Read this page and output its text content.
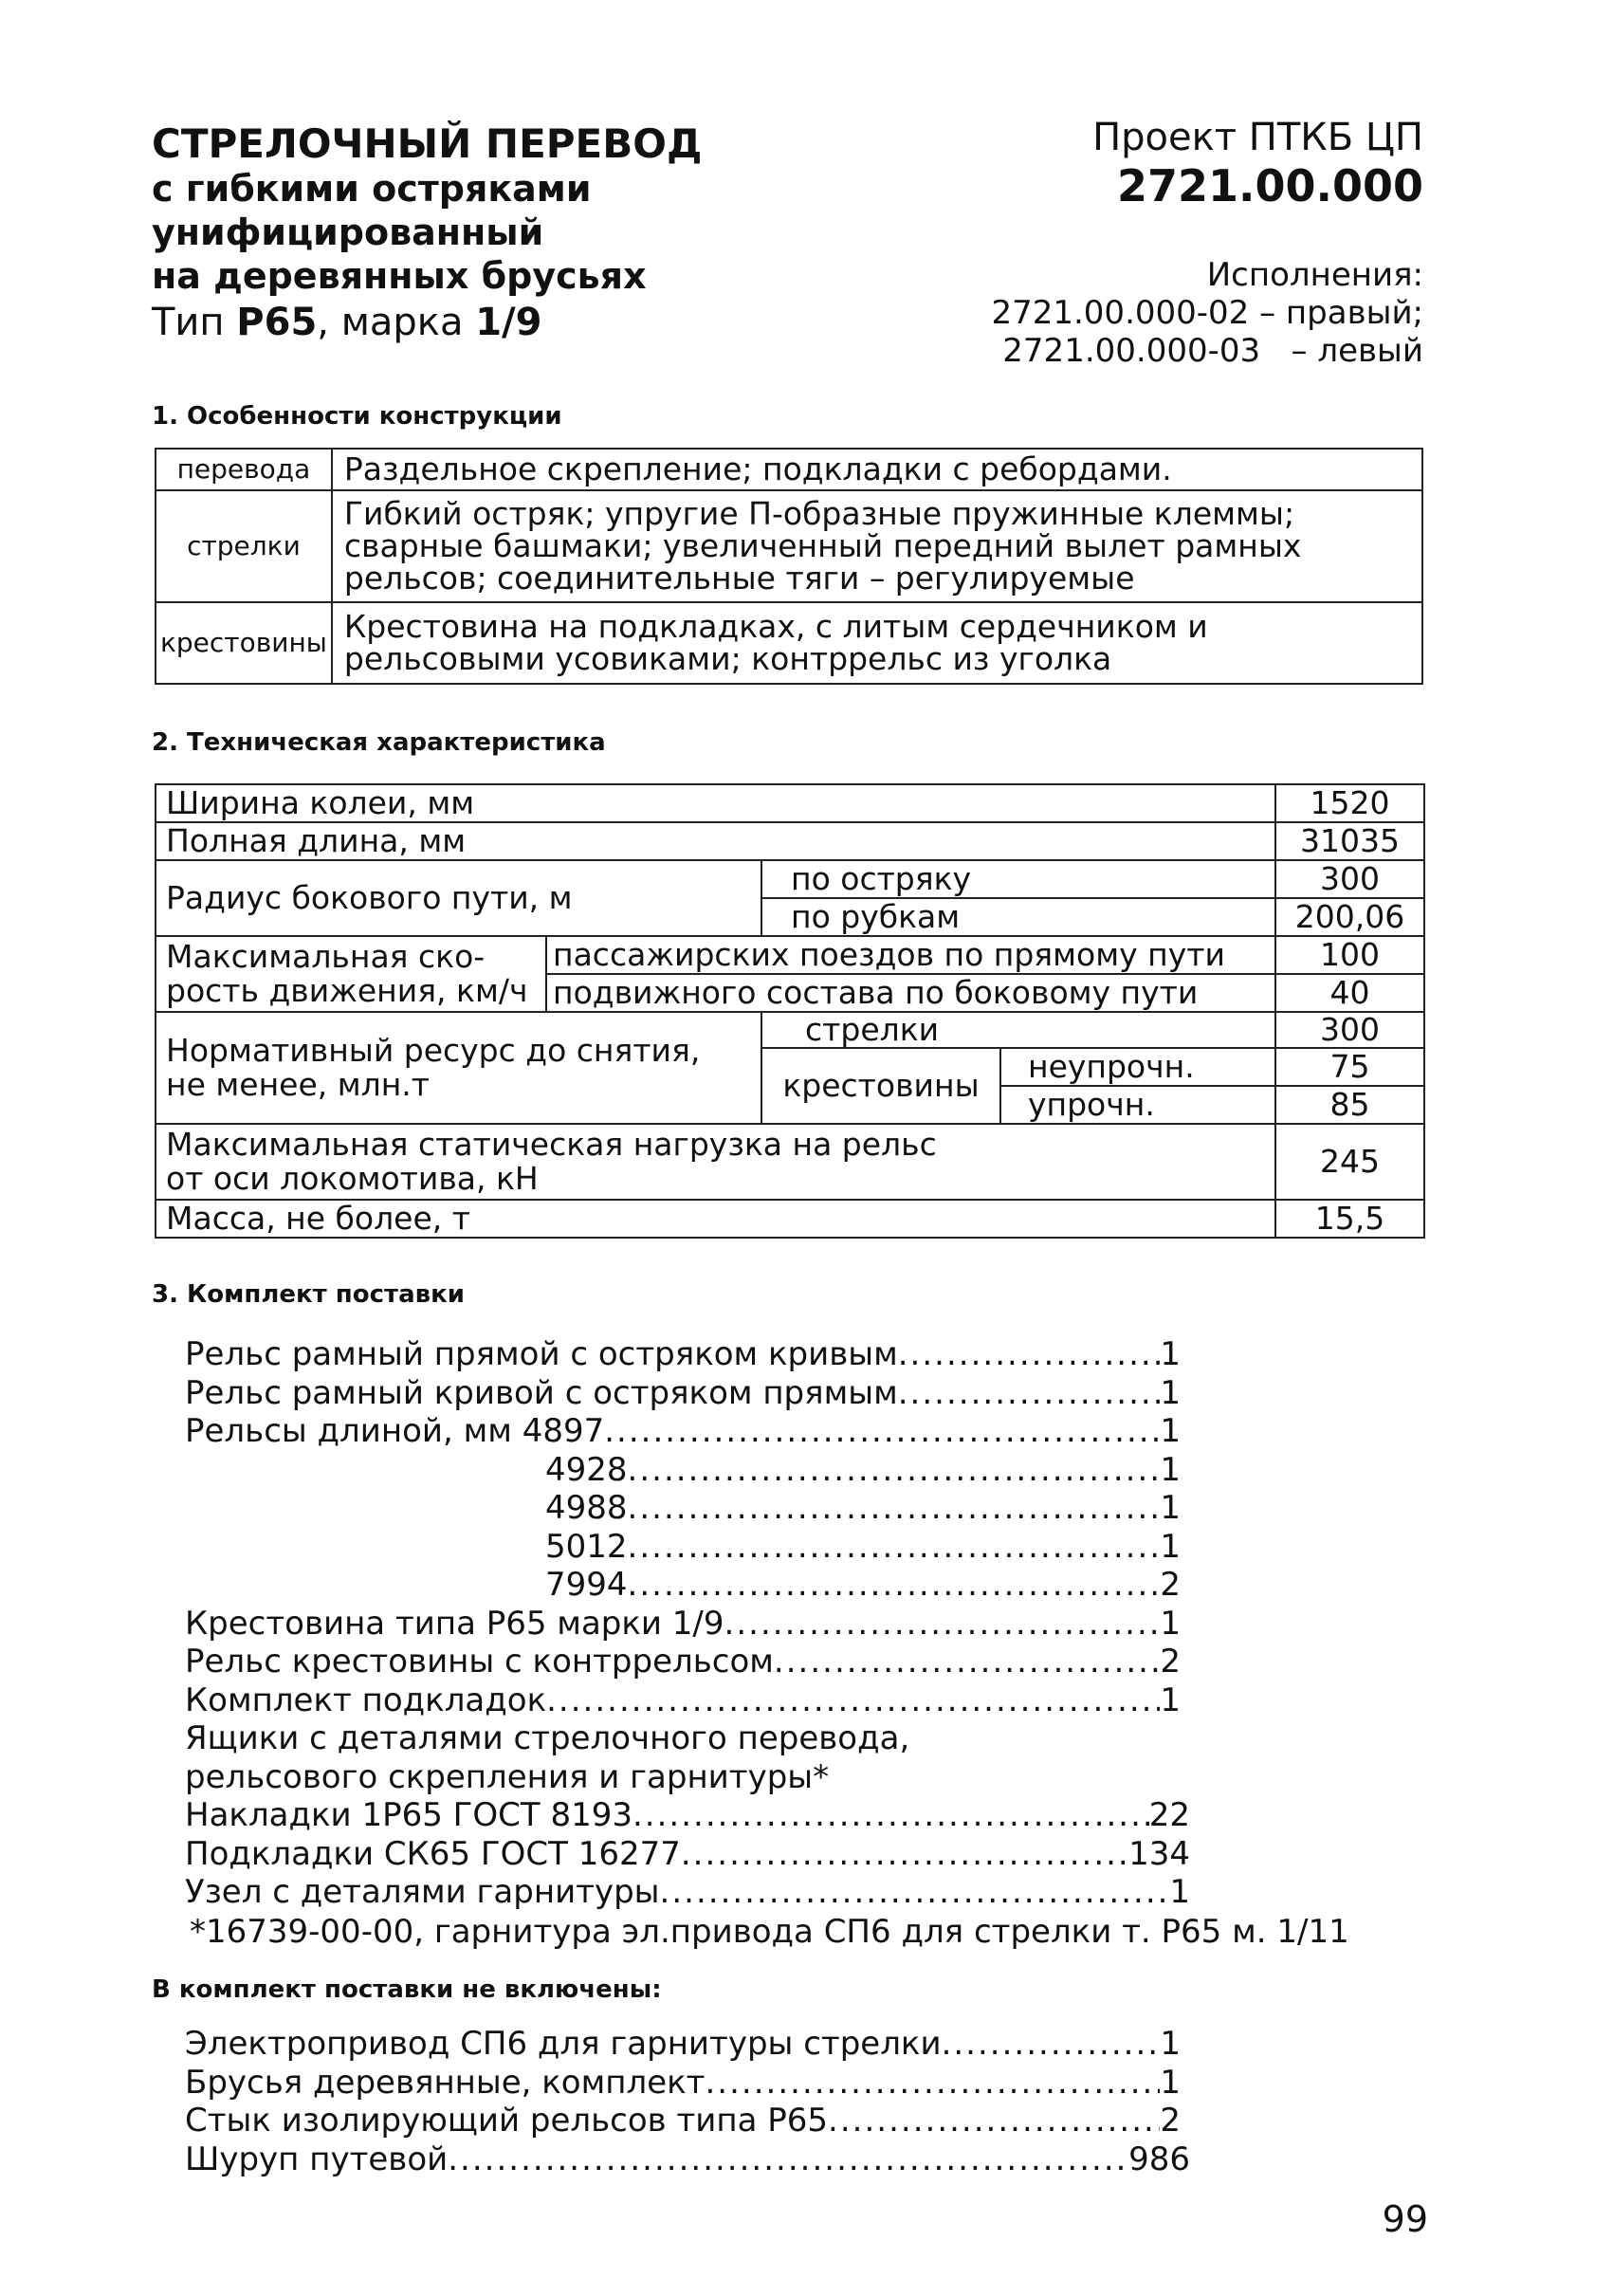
СТРЕЛОЧНЫЙ ПЕРЕВОД
с гибкими остряками
унифицированный
на деревянных брусьях
Тип Р65, марка 1/9
Проект ПТКБ ЦП
2721.00.000
Исполнения:
2721.00.000-02 – правый;
2721.00.000-03   – левый
1. Особенности конструкции
перевода	Раздельное скрепление; подкладки с ребордами.

стрелки	Гибкий остряк; упругие П-образные пружинные клеммы;
сварные башмаки; увеличенный передний вылет рамных
рельсов; соединительные тяги – регулируемые

крестовины	Крестовина на подкладках, с литым сердечником и
рельсовыми усовиками; контррельс из уголка
2. Техническая характеристика
Ширина колеи, мм				1520
Полная длина, мм				31035
Радиус бокового пути, м		по остряку		300
		по рубкам		200,06

Максимальная ско-
рость движения, км/ч	пассажирских поездов по прямому пути			100
	подвижного состава по боковому пути			40

Нормативный ресурс до снятия,
не менее, млн.т		стрелки		300
		крестовины	неупрочн.	75
			упрочн.	85

Максимальная статическая нагрузка на рельс
от оси локомотива, кН				245
Масса, не более, т				15,5
3. Комплект поставки
Рельс рамный прямой с остряком кривым .....	1
Рельс рамный кривой с остряком прямым .....	1
Рельсы длиной, мм 4897 .....	1
4928 .....	1
4988 .....	1
5012 .....	1
7994 .....	2
Крестовина типа Р65 марки 1/9 .....	1
Рельс крестовины с контррельсом .....	2
Комплект подкладок .....	1
Ящики с деталями стрелочного перевода,
рельсового скрепления и гарнитуры*
Накладки 1Р65 ГОСТ 8193 .....	22
Подкладки СК65 ГОСТ 16277 .....	134
Узел с деталями гарнитуры .....	1
*16739-00-00, гарнитура эл.привода СП6 для стрелки т. Р65 м. 1/11
В комплект поставки не включены:
Электропривод СП6 для гарнитуры стрелки .....	1
Брусья деревянные, комплект .....	1
Стык изолирующий рельсов типа Р65 .....	2
Шуруп путевой .....	986
99
